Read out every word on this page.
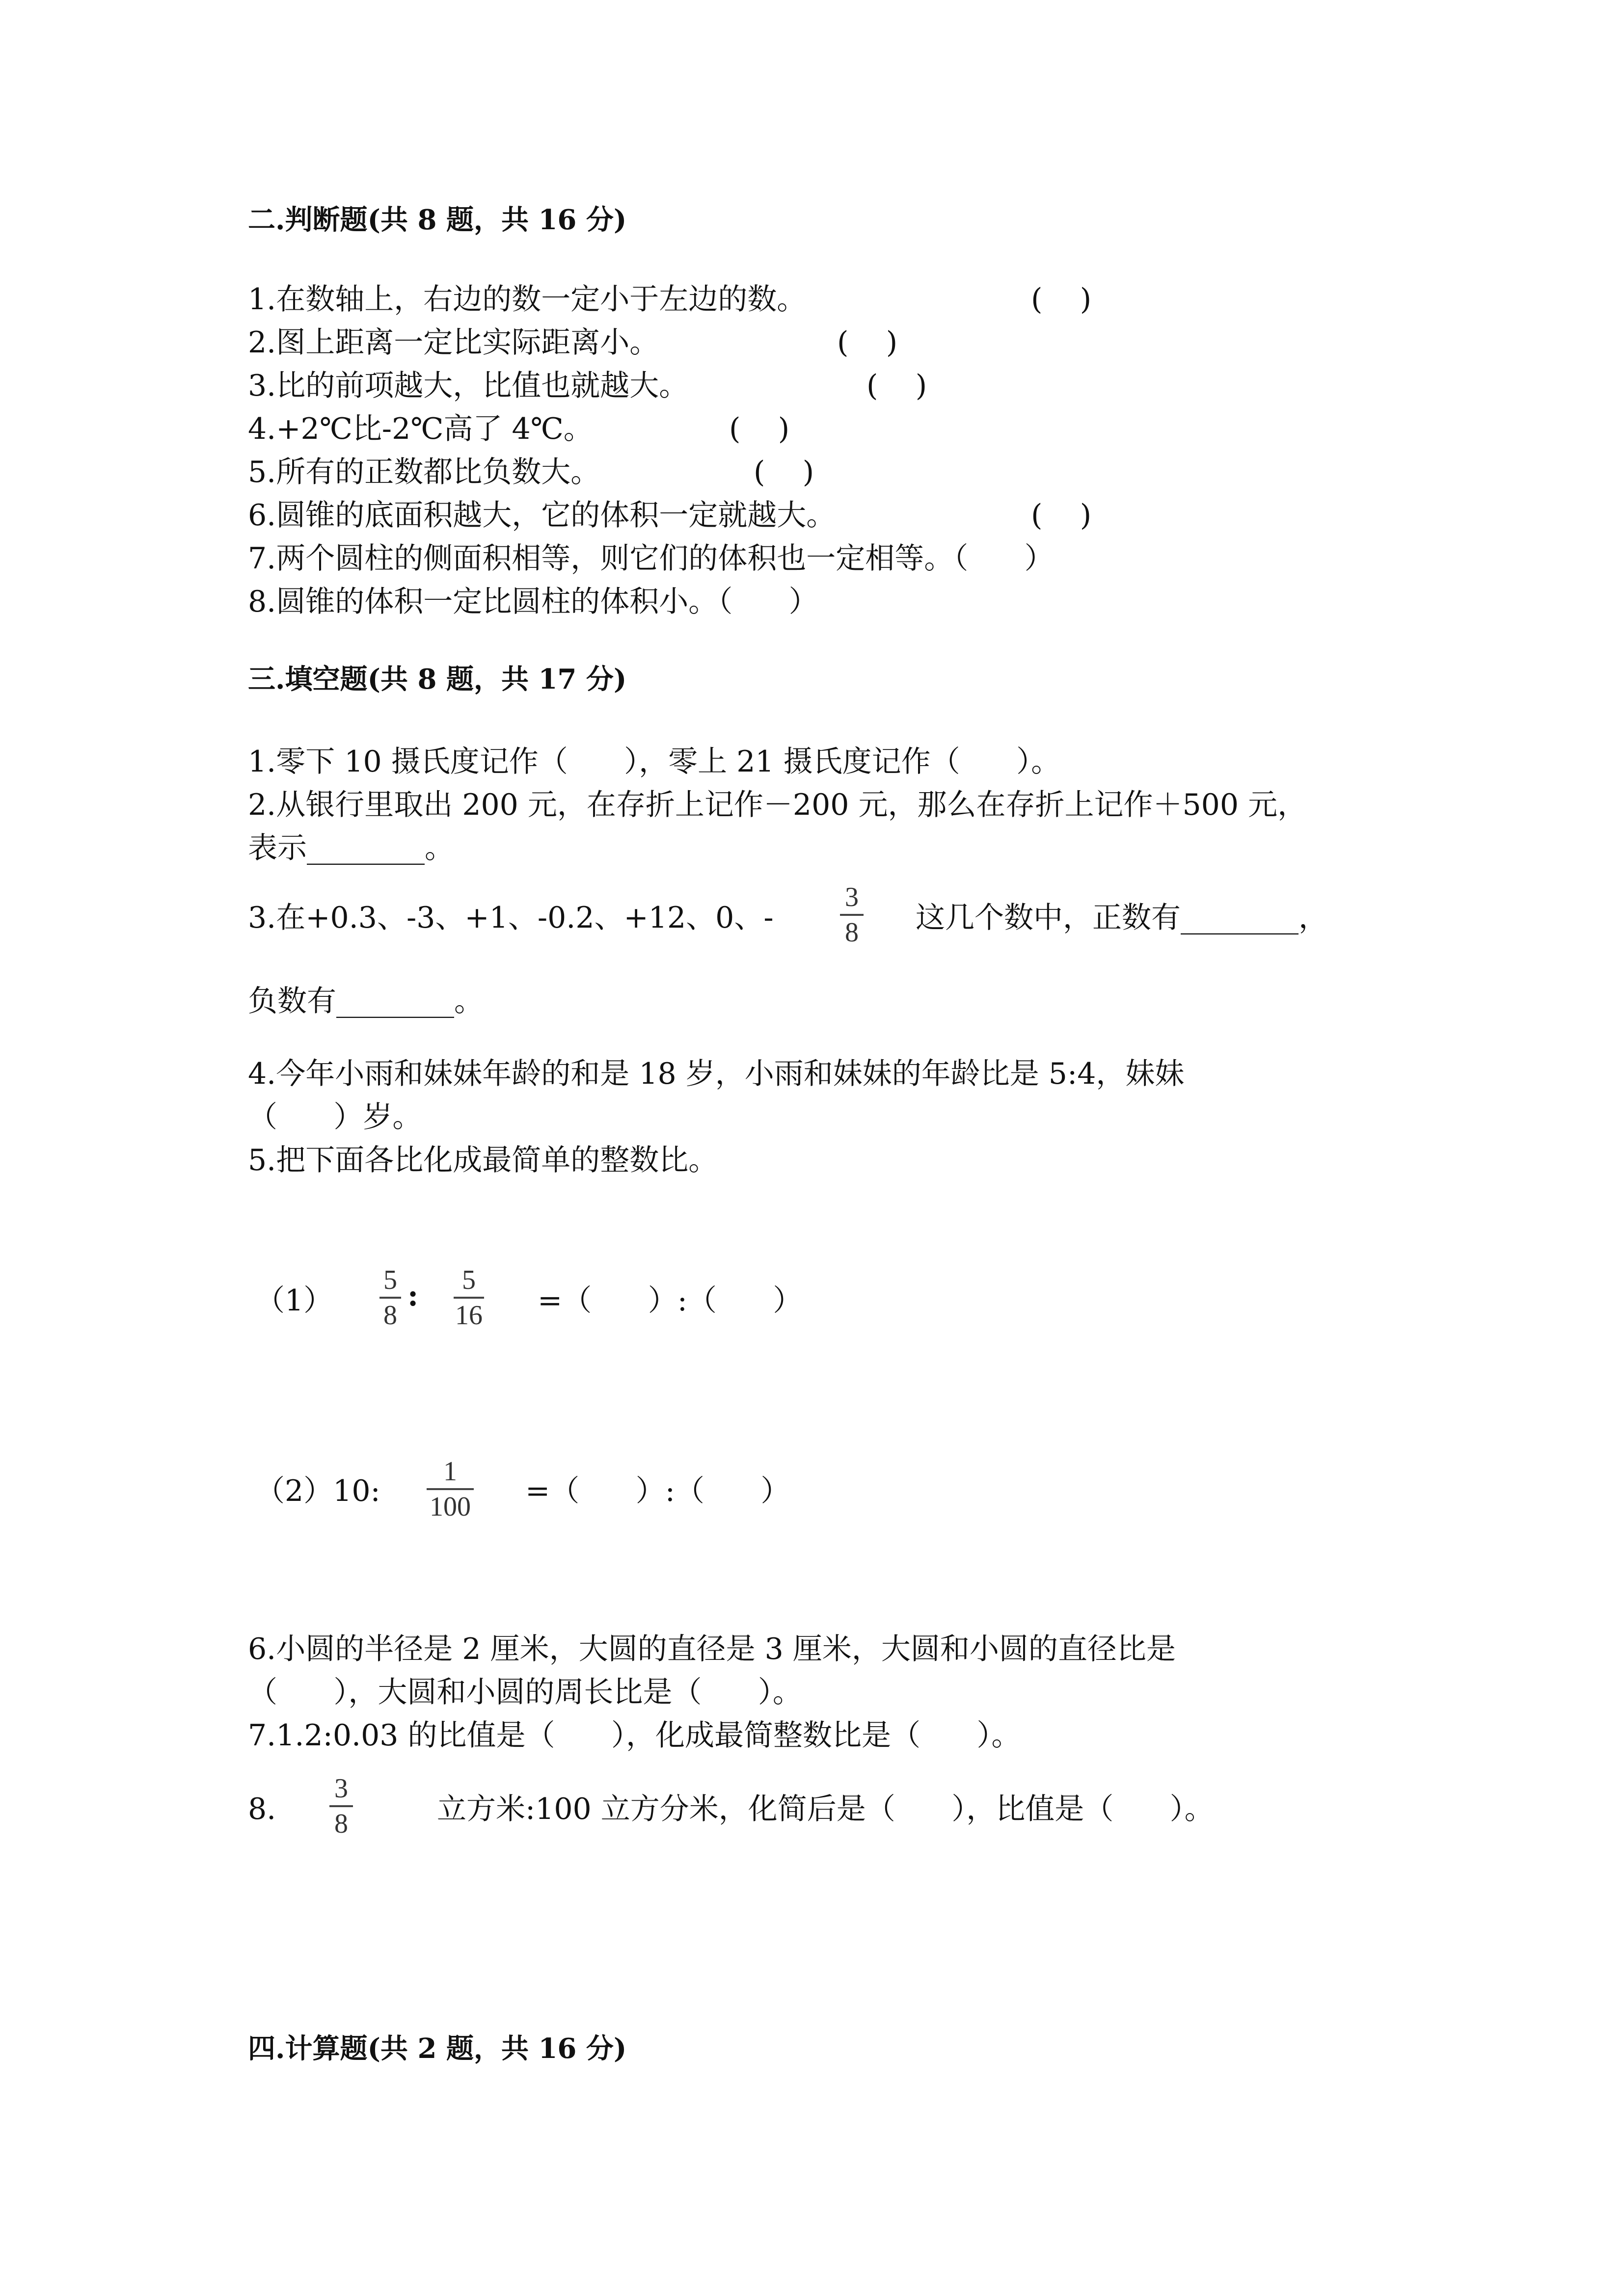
二.判断题(共 8 题，共 16 分)
1.在数轴上，右边的数一定小于左边的数。	(    )
2.图上距离一定比实际距离小。	(    )
3.比的前项越大，比值也就越大。	(    )
4.+2℃比-2℃高了 4℃。	(    )
5.所有的正数都比负数大。	(    )
6.圆锥的底面积越大，它的体积一定就越大。	(    )
7.两个圆柱的侧面积相等，则它们的体积也一定相等。（      ）
8.圆锥的体积一定比圆柱的体积小。（      ）
三.填空题(共 8 题，共 17 分)
1.零下 10 摄氏度记作（      ），零上 21 摄氏度记作（      ）。
2.从银行里取出 200 元，在存折上记作－200 元，那么在存折上记作＋500 元，
表示________。
3.在+0.3、-3、+1、-0.2、+12、0、-
3
8 这几个数中，正数有________，
负数有________。
4.今年小雨和妹妹年龄的和是 18 岁，小雨和妹妹的年龄比是 5:4，妹妹
（      ）岁。
5.把下面各比化成最简单的整数比。
（1）
5
8
: 5
16 =（      ）:（      ）
（2）10:
1
100 =（      ）:（      ）
6.小圆的半径是 2 厘米，大圆的直径是 3 厘米，大圆和小圆的直径比是
（      ），大圆和小圆的周长比是（      ）。
7.1.2:0.03 的比值是（      ），化成最简整数比是（      ）。
8.
3
8	立方米:100 立方分米，化简后是（      ），比值是（      ）。
四.计算题(共 2 题，共 16 分)
